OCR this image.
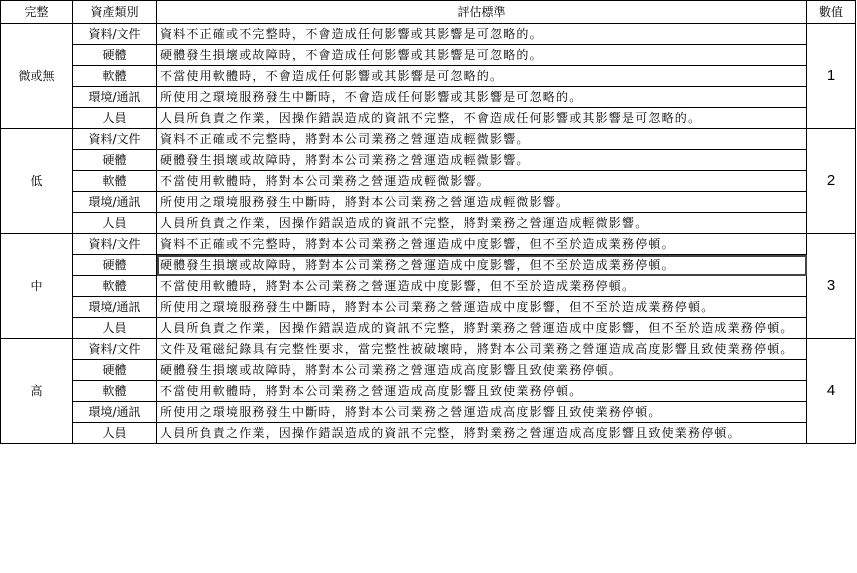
完整	資產類別	評估標準	數值
微或無	資料/文件	資料不正確或不完整時，不會造成任何影響或其影響是可忽略的。	1
	硬體	硬體發生損壞或故障時，不會造成任何影響或其影響是可忽略的。	
	軟體	不當使用軟體時，不會造成任何影響或其影響是可忽略的。	
	環境/通訊	所使用之環境服務發生中斷時，不會造成任何影響或其影響是可忽略的。	
	人員	人員所負責之作業，因操作錯誤造成的資訊不完整，不會造成任何影響或其影響是可忽略的。	
低	資料/文件	資料不正確或不完整時，將對本公司業務之營運造成輕微影響。	2
	硬體	硬體發生損壞或故障時，將對本公司業務之營運造成輕微影響。	
	軟體	不當使用軟體時，將對本公司業務之營運造成輕微影響。	
	環境/通訊	所使用之環境服務發生中斷時，將對本公司業務之營運造成輕微影響。	
	人員	人員所負責之作業，因操作錯誤造成的資訊不完整，將對業務之營運造成輕微影響。	
中	資料/文件	資料不正確或不完整時，將對本公司業務之營運造成中度影響，但不至於造成業務停頓。	3
	硬體	硬體發生損壞或故障時，將對本公司業務之營運造成中度影響，但不至於造成業務停頓。	
	軟體	不當使用軟體時，將對本公司業務之營運造成中度影響，但不至於造成業務停頓。	
	環境/通訊	所使用之環境服務發生中斷時，將對本公司業務之營運造成中度影響，但不至於造成業務停頓。	
	人員	人員所負責之作業，因操作錯誤造成的資訊不完整，將對業務之營運造成中度影響，但不至於造成業務停頓。	
高	資料/文件	文件及電磁紀錄具有完整性要求，當完整性被破壞時，將對本公司業務之營運造成高度影響且致使業務停頓。	4
	硬體	硬體發生損壞或故障時，將對本公司業務之營運造成高度影響且致使業務停頓。	
	軟體	不當使用軟體時，將對本公司業務之營運造成高度影響且致使業務停頓。	
	環境/通訊	所使用之環境服務發生中斷時，將對本公司業務之營運造成高度影響且致使業務停頓。	
	人員	人員所負責之作業，因操作錯誤造成的資訊不完整，將對業務之營運造成高度影響且致使業務停頓。	
